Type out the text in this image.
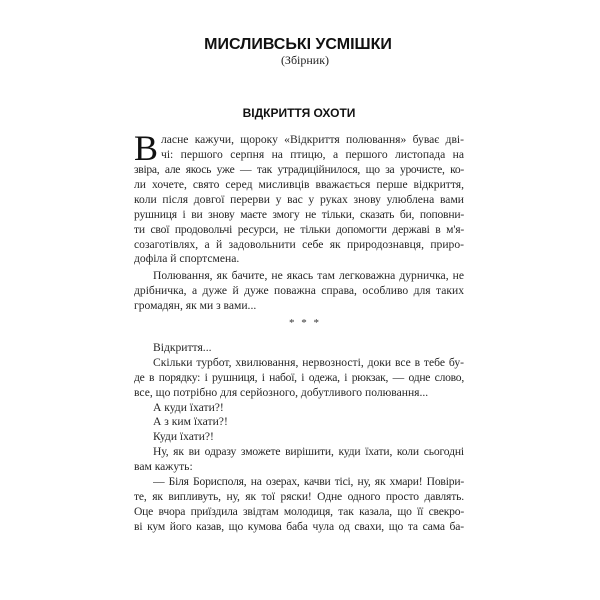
МИСЛИВСЬКІ УСМІШКИ
(Збірник)
ВІДКРИТТЯ ОХОТИ
В ласне кажучи, щороку «Відкриття полювання» буває дві-
чі: першого серпня на птицю, а першого листопада на
звіра, але якось уже — так утрадиційнилося, що за урочисте, ко-
ли хочете, свято серед мисливців вважається перше відкриття,
коли після довгої перерви у вас у руках знову улюблена вами
рушниця і ви знову маєте змогу не тільки, сказать би, поповни-
ти свої продовольчі ресурси, не тільки допомогти державі в м'я-
созаготівлях, а й задовольнити себе як природознавця, приро-
дофіла й спортсмена.
Полювання, як бачите, не якась там легковажна дурничка, не
дрібничка, а дуже й дуже поважна справа, особливо для таких
громадян, як ми з вами...
* * *
Відкриття...
Скільки турбот, хвилювання, нервозності, доки все в тебе бу-
де в порядку: і рушниця, і набої, і одежа, і рюкзак, — одне слово,
все, що потрібно для серйозного, добутливого полювання...
А куди їхати?!
А з ким їхати?!
Куди їхати?!
Ну, як ви одразу зможете вирішити, куди їхати, коли сьогодні
вам кажуть:
— Біля Борисполя, на озерах, качви тісі, ну, як хмари! Повіри-
те, як випливуть, ну, як тої ряски! Одне одного просто давлять.
Оце вчора приїздила звідтам молодиця, так казала, що її свекро-
ві кум його казав, що кумова баба чула од свахи, що та сама ба-
